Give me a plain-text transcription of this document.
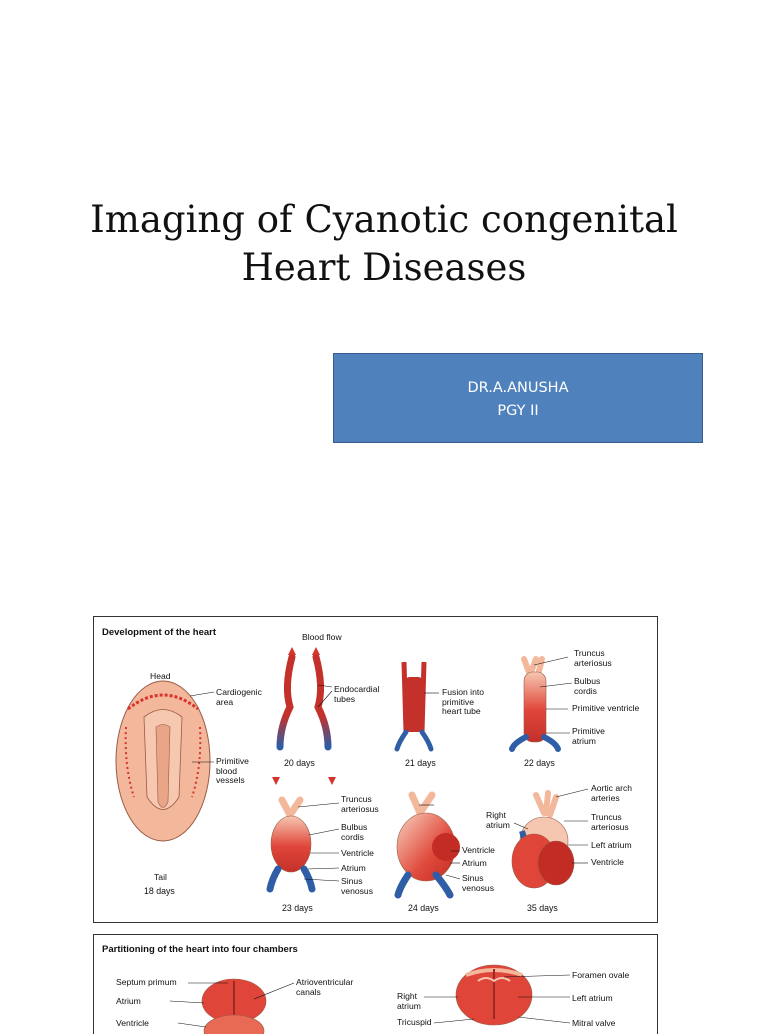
Imaging of Cyanotic congenital
Heart Diseases
DR.A.ANUSHA
PGY II
Development of the heart
Head
Cardiogenic
area
Primitive
blood
vessels
Tail
18 days
Blood flow
Endocardial
tubes
20 days
Fusion into
primitive
heart tube
21 days
Truncus
arteriosus
Bulbus
cordis
Primitive ventricle
Primitive
atrium
22 days
Truncus
arteriosus
Bulbus
cordis
Ventricle
Atrium
Sinus
venosus
23 days
Ventricle
Atrium
Sinus
venosus
24 days
Aortic arch
arteries
Right
atrium
Truncus
arteriosus
Left atrium
Ventricle
35 days
Partitioning of the heart into four chambers
Septum primum
Atrium
Ventricle
Atrioventricular
canals
Foramen ovale
Right
atrium
Left atrium
Tricuspid	Mitral valve
